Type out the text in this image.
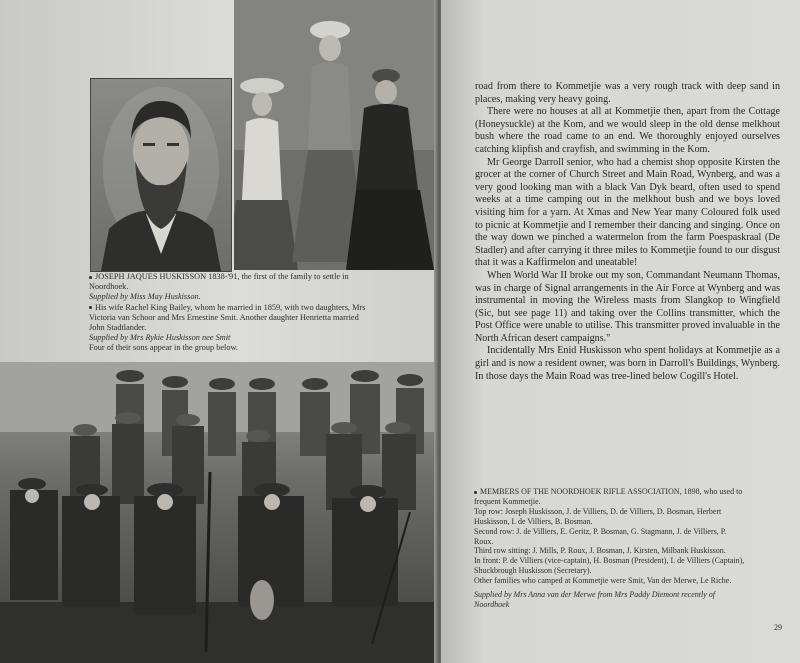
JOSEPH JAQUES HUSKISSON 1838-'91, the first of the family to settle in
Noordhoek.
Supplied by Miss May Huskisson.
His wife Rachel King Bailey, whom he married in 1859, with two daughters, Mrs
Victoria van Schoor and Mrs Ernestine Smit. Another daughter Henrietta married
John Stadtlander.
Supplied by Mrs Rykie Huskisson nee Smit
Four of their sons appear in the group below.

road from there to Kommetjie was a very rough track with deep sand in places, making very heavy going.

There were no houses at all at Kommetjie then, apart from the Cottage (Honeysuckle) at the Kom, and we would sleep in the old dense melkhout bush where the road came to an end. We thoroughly enjoyed ourselves catching klipfish and crayfish, and swimming in the Kom.

Mr George Darroll senior, who had a chemist shop opposite Kirsten the grocer at the corner of Church Street and Main Road, Wynberg, and was a very good looking man with a black Van Dyk beard, often used to spend weeks at a time camping out in the melkhout bush and we boys loved visiting him for a yarn. At Xmas and New Year many Coloured folk used to picnic at Kommetjie and I remember their dancing and singing. Once on the way down we pinched a watermelon from the farm Poespaskraal (De Stadler) and after carrying it three miles to Kommetjie found to our disgust that it was a Kaffirmelon and uneatable!

When World War II broke out my son, Commandant Neumann Thomas, was in charge of Signal arrangements in the Air Force at Wynberg and was instrumental in moving the Wireless masts from Slangkop to Wingfield (Sic, but see page 11) and taking over the Collins transmitter, which the Post Office were unable to utilise. This transmitter proved invaluable in the North African desert campaigns."

Incidentally Mrs Enid Huskisson who spent holidays at Kommetjie as a girl and is now a resident owner, was born in Darroll's Buildings, Wynberg. In those days the Main Road was tree-lined below Cogill's Hotel.

MEMBERS OF THE NOORDHOEK RIFLE ASSOCIATION, 1898, who used to
frequent Kommetjie.
Top row: Joseph Huskisson, J. de Villiers, D. de Villiers, D. Bosman, Herbert
Huskisson, I. de Villiers, B. Bosman.
Second row: J. de Villiers, E. Geritz, P. Bosman, G. Stagmann, J. de Villiers, P.
Roux.
Third row sitting: J. Mills, P. Roux, J. Bosman, J. Kirsten, Milbank Huskisson.
In front: P. de Villiers (vice-captain), H. Bosman (President), I. de Villiers (Captain),
Shuckbrough Huskisson (Secretary).
Other families who camped at Kommetjie were Smit, Van der Merwe, Le Riche.
Supplied by Mrs Anna van der Merwe from Mrs Paddy Diemont recently of
Noordhoek
29
